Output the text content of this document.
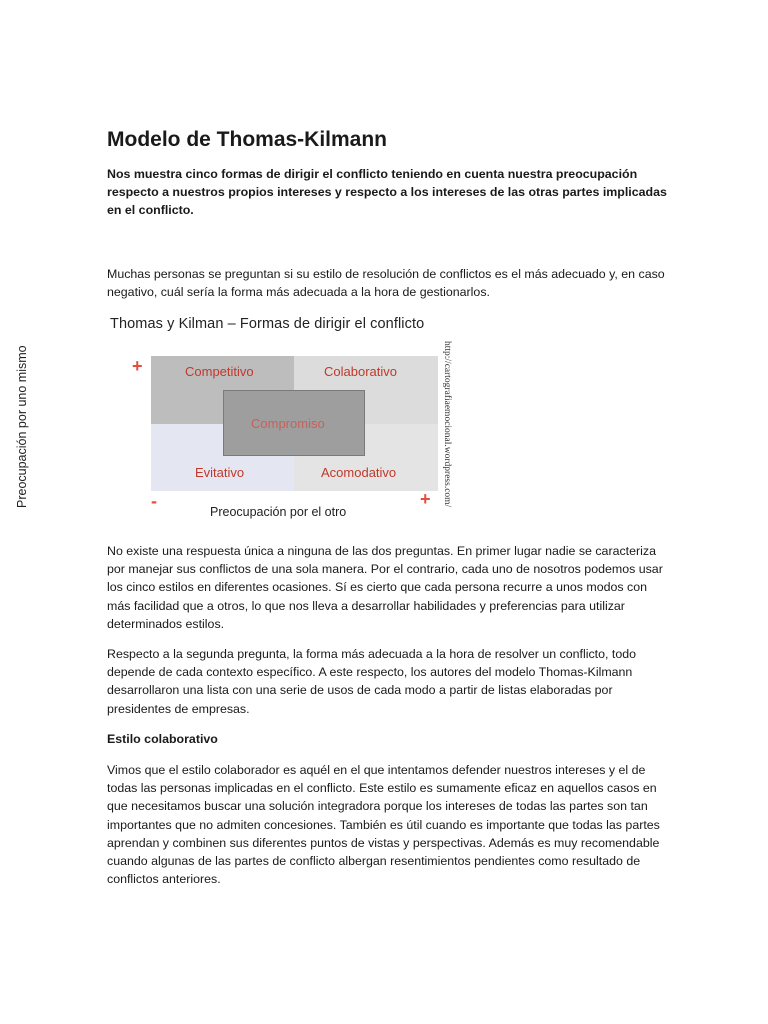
Modelo de Thomas-Kilmann

Nos muestra cinco formas de dirigir el conflicto teniendo en cuenta nuestra preocupación respecto a nuestros propios intereses y respecto a los intereses de las otras partes implicadas en el conflicto.

Muchas personas se preguntan si su estilo de resolución de conflictos es el más adecuado y, en caso negativo, cuál sería la forma más adecuada a la hora de gestionarlos.

No existe una respuesta única a ninguna de las dos preguntas. En primer lugar nadie se caracteriza por manejar sus conflictos de una sola manera. Por el contrario, cada uno de nosotros podemos usar los cinco estilos en diferentes ocasiones. Sí es cierto que cada persona recurre a unos modos con más facilidad que a otros, lo que nos lleva a desarrollar habilidades y preferencias para utilizar determinados estilos.

Respecto a la segunda pregunta, la forma más adecuada a la hora de resolver un conflicto, todo depende de cada contexto específico. A este respecto, los autores del modelo Thomas-Kilmann desarrollaron una lista con una serie de usos de cada modo a partir de listas elaboradas por presidentes de empresas.

Estilo colaborativo

Vimos que el estilo colaborador es aquél en el que intentamos defender nuestros intereses y el de todas las personas implicadas en el conflicto. Este estilo es sumamente eficaz en aquellos casos en que necesitamos buscar una solución integradora porque los intereses de todas las partes son tan importantes que no admiten concesiones. También es útil cuando es importante que todas las partes aprendan y combinen sus diferentes puntos de vistas y perspectivas. Además es muy recomendable cuando algunas de las partes de conflicto albergan resentimientos pendientes como resultado de conflictos anteriores.

Thomas y Kilman – Formas de dirigir el conflicto
Preocupación por uno mismo	http://cartografiaemocional.wordpress.com/
Competitivo	Colaborativo
Compromiso
Evitativo	Acomodativo
+
-	+
Preocupación por el otro
